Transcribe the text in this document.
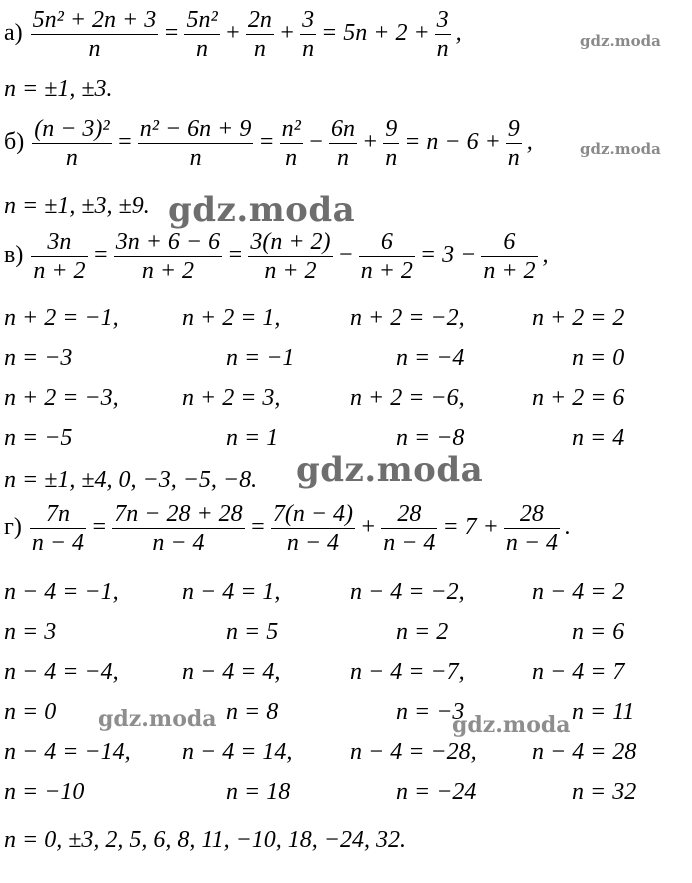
$а) \frac{\text{5n² + 2n + 3}}{n} = \frac{\text{5n²}}{n} + \frac{2n}{n} + \frac{3}{n} = 5n + 2 + \frac{3}{n}$ ,
n = ±1, ±3.
$б) \frac{\text{(n − 3)²}}{n} = \frac{\text{n² − 6n + 9}}{n} = \frac{\text{n²}}{n} - \frac{6n}{n} + \frac{9}{n} = n - 6 + \frac{9}{n}$ ,
n = ±1, ±3, ±9.
$в) \frac{3n}{n + 2} = \frac{3n + 6 - 6}{n + 2} = \frac{3(n + 2)}{n + 2} - \frac{6}{n + 2} = 3 - \frac{6}{n + 2}$ ,
n = ±1, ±4, 0, −3, −5, −8.
$г) \frac{7n}{n - 4} = \frac{7n - 28 + 28}{n - 4} = \frac{7(n - 4)}{n - 4} + \frac{28}{n - 4} = 7 + \frac{28}{n - 4}$ .
n = 0, ±3, 2, 5, 6, 8, 11, −10, 18, −24, 32.
gdz.moda
gdz.moda
gdz.moda
gdz.moda
gdz.moda	gdz.moda
n + 2 = −1,	n + 2 = 1,	n + 2 = −2,	n + 2 = 2
n = −3	n = −1	n = −4	n = 0
n + 2 = −3,	n + 2 = 3,	n + 2 = −6,	n + 2 = 6
n = −5	n = 1	n = −8	n = 4
n − 4 = −1,	n − 4 = 1,	n − 4 = −2,	n − 4 = 2
n = 3	n = 5	n = 2	n = 6
n − 4 = −4,	n − 4 = 4,	n − 4 = −7,	n − 4 = 7
n = 0	n = 8	n = −3	n = 11
n − 4 = −14, n − 4 = 14, n − 4 = −28, n − 4 = 28
n = −10	n = 18	n = −24	n = 32
